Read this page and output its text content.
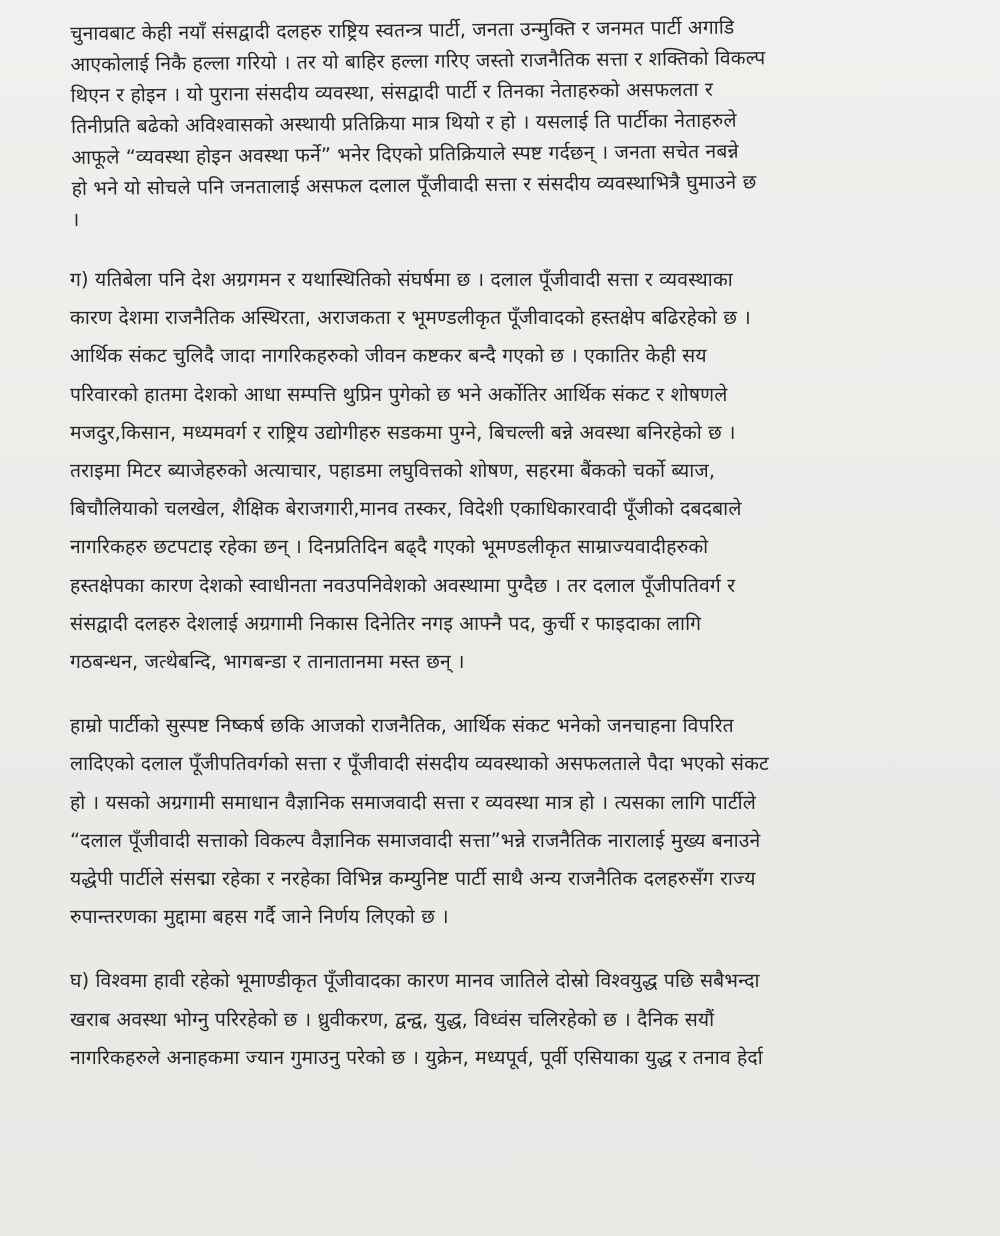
चुनावबाट केही नयाँ संसद्वादी दलहरु राष्ट्रिय स्वतन्त्र पार्टी, जनता उन्मुक्ति र जनमत पार्टी अगाडि
आएकोलाई निकै हल्ला गरियो । तर यो बाहिर हल्ला गरिए जस्तो राजनैतिक सत्ता र शक्तिको विकल्प
थिएन र होइन । यो पुराना संसदीय व्यवस्था, संसद्वादी पार्टी र तिनका नेताहरुको असफलता र
तिनीप्रति बढेको अविश्वासको अस्थायी प्रतिक्रिया मात्र थियो र हो । यसलाई ति पार्टीका नेताहरुले
आफूले “व्यवस्था होइन अवस्था फर्ने” भनेर दिएको प्रतिक्रियाले स्पष्ट गर्दछन् । जनता सचेत नबन्ने
हो भने यो सोचले पनि जनतालाई असफल दलाल पूँजीवादी सत्ता र संसदीय व्यवस्थाभित्रै घुमाउने छ
।
ग) यतिबेला पनि देश अग्रगमन र यथास्थितिको संघर्षमा छ । दलाल पूँजीवादी सत्ता र व्यवस्थाका
कारण देशमा राजनैतिक अस्थिरता, अराजकता र भूमण्डलीकृत पूँजीवादको हस्तक्षेप बढिरहेको छ ।
आर्थिक संकट चुलिदै जादा नागरिकहरुको जीवन कष्टकर बन्दै गएको छ । एकातिर केही सय
परिवारको हातमा देशको आधा सम्पत्ति थुप्रिन पुगेको छ भने अर्कोतिर आर्थिक संकट र शोषणले
मजदुर,किसान, मध्यमवर्ग र राष्ट्रिय उद्योगीहरु सडकमा पुग्ने, बिचल्ली बन्ने अवस्था बनिरहेको छ ।
तराइमा मिटर ब्याजेहरुको अत्याचार, पहाडमा लघुवित्तको शोषण, सहरमा बैंकको चर्को ब्याज,
बिचौलियाको चलखेल, शैक्षिक बेराजगारी,मानव तस्कर, विदेशी एकाधिकारवादी पूँजीको दबदबाले
नागरिकहरु छटपटाइ रहेका छन् । दिनप्रतिदिन बढ्दै गएको भूमण्डलीकृत साम्राज्यवादीहरुको
हस्तक्षेपका कारण देशको स्वाधीनता नवउपनिवेशको अवस्थामा पुग्दैछ । तर दलाल पूँजीपतिवर्ग र
संसद्वादी दलहरु देशलाई अग्रगामी निकास दिनेतिर नगइ आफ्नै पद, कुर्ची र फाइदाका लागि
गठबन्धन, जत्थेबन्दि, भागबन्डा र तानातानमा मस्त छन् ।
हाम्रो पार्टीको सुस्पष्ट निष्कर्ष छकि आजको राजनैतिक, आर्थिक संकट भनेको जनचाहना विपरित
लादिएको दलाल पूँजीपतिवर्गको सत्ता र पूँजीवादी संसदीय व्यवस्थाको असफलताले पैदा भएको संकट
हो । यसको अग्रगामी समाधान वैज्ञानिक समाजवादी सत्ता र व्यवस्था मात्र हो । त्यसका लागि पार्टीले
“दलाल पूँजीवादी सत्ताको विकल्प वैज्ञानिक समाजवादी सत्ता”भन्ने राजनैतिक नारालाई मुख्य बनाउने
यद्धेपी पार्टीले संसद्मा रहेका र नरहेका विभिन्न कम्युनिष्ट पार्टी साथै अन्य राजनैतिक दलहरुसँग राज्य
रुपान्तरणका मुद्दामा बहस गर्दै जाने निर्णय लिएको छ ।
घ) विश्वमा हावी रहेको भूमाण्डीकृत पूँजीवादका कारण मानव जातिले दोस्रो विश्वयुद्ध पछि सबैभन्दा
खराब अवस्था भोग्नु परिरहेको छ । ध्रुवीकरण, द्वन्द्व, युद्ध, विध्वंस चलिरहेको छ । दैनिक सयौं
नागरिकहरुले अनाहकमा ज्यान गुमाउनु परेको छ । युक्रेन, मध्यपूर्व, पूर्वी एसियाका युद्ध र तनाव हेर्दा
